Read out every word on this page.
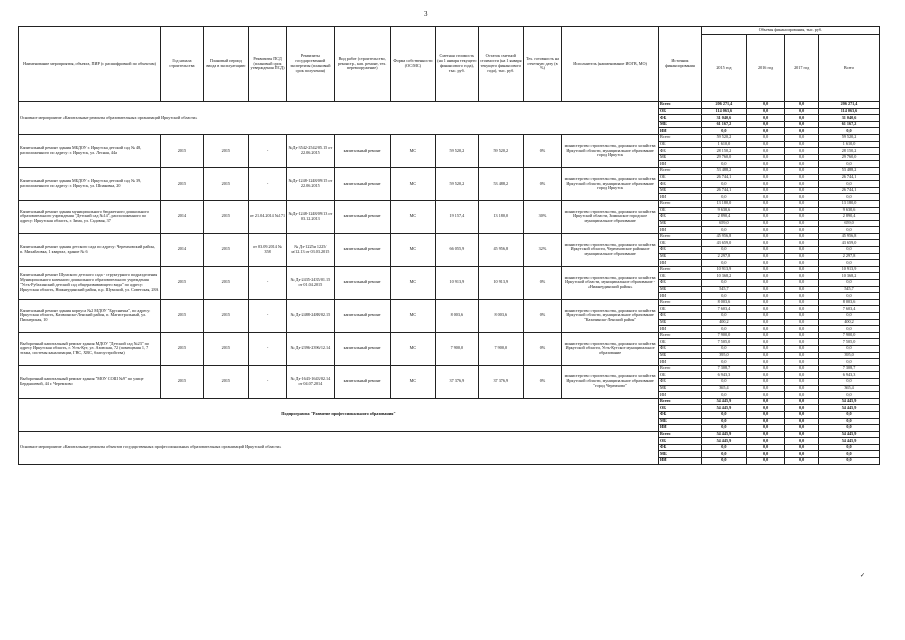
3
Наименование мероприятия, объекта, ПИР (с расшифровкой по объектам)	Год начала строительства	Плановый период ввода в эксплуатацию	Реквизиты ПСД (плановый срок утверждения ПСД)	Реквизиты государственной экспертизы (плановый срок получения)	Вид работ (строительство, реконстр., кап. ремонт, тех. перевооружение)	Форма собственности (ОС/МС)	Сметная стоимость (на 1 января текущего финансового года), тыс. руб.	Остаток сметной стоимости (на 1 января текущего финансового года), тыс. руб.	Тех. готовность на отчетную дату (в %)	Исполнитель (наименование ИОГВ, МО)	Источник финансирования	Объемы финансирования, тыс. руб.			
												2015 год	2016 год	2017 год	Всего
Основное мероприятие «Капитальные ремонты образовательных организаций Иркутской области»											Всего	206 271,4	0,0	0,0	206 271,4
											ОБ	114 063,6	0,0	0,0	114 063,6
											ФБ	31 040,6	0,0	0,0	31 040,6
											МБ	61 167,2	0,0	0,0	61 167,2
											ИИ	0,0	0,0	0,0	0,0
Капитальный ремонт здания МБДОУ г. Иркутска детский сад № 48, расположенного по адресу: г. Иркутск, ул. Лесная, 44а	2015	2015	-	№Дз-3542-2542/05.15 от 22.06.2015	капитальный ремонт	МС	59 520,2	59 520,2	0%	министерство строительства, дорожного хозяйства Иркутской области, муниципальное образование город Иркутск	Всего	59 520,2	0,0	0,0	59 520,2
											ОБ	1 610,0	0,0	0,0	1 610,0
											ФБ	28 150,2	0,0	0,0	28 150,2
											МБ	29 760,0	0,0	0,0	29 760,0
											ИИ	0,0	0,0	0,0	0,0
Капитальный ремонт здания МБДОУ г. Иркутска детский сад № 39, расположенного по адресу: г. Иркутск, ул. Шпаковка, 20	2015	2015	-	№Дз-1248-1248/09/15 от 22.06.2015	капитальный ремонт	МС	59 520,2	53 488,2	0%	министерство строительства, дорожного хозяйства Иркутской области, муниципальное образование город Иркутск	Всего	53 488,2	0,0	0,0	53 488,2
											ОБ	26 744,1	0,0	0,0	26 744,1
											ФБ	0,0	0,0	0,0	0,0
											МБ	26 744,1	0,0	0,0	26 744,1
											ИИ	0,0	0,0	0,0	0,0
Капитальный ремонт здания муниципального бюджетного дошкольного образовательного учреждения "Детский сад №14", расположенного по адресу: Иркутская область, г. Зима, ул. Садовая, 37	2014	2015	от 21.04.2014 №171	№Дз-1248-1248/09/13 от 03.12.2013	капитальный ремонт	МС	19 157,4	13 180,0	30%	министерство строительства, дорожного хозяйства Иркутской области, Зиминское городское муниципальное образование	Всего	13 180,0	0,0	0,0	13 180,0
											ОБ	9 630,6	0,0	0,0	9 630,6
											ФБ	2 890,4	0,0	0,0	2 890,4
											МБ	659,0	0,0	0,0	659,0
											ИИ	0,0	0,0	0,0	0,0
Капитальный ремонт здания детского сада по адресу: Черемховский район, п. Михайловка, 1 квартал, здание № 6	2014	2015	от 03.09.2014 № 358	№ Дз-1225и 1225/м/12.13 от 03.03.2015	капитальный ремонт	МС	66 055,9	45 956,8	32%	министерство строительства, дорожного хозяйства Иркутской области, Черемховское районное муниципальное образование	Всего	45 956,8	0,0	0,0	45 956,8
											ОБ	43 659,0	0,0	0,0	43 659,0
											ФБ	0,0	0,0	0,0	0,0
											МБ	2 297,8	0,0	0,0	2 297,8
											ИИ	0,0	0,0	0,0	0,0
Капитальный ремонт Шумского детского сада - структурного подразделения Муниципального казенного дошкольного образовательного учреждения "Усть-Рубахинский детский сад общеразвивающего вида" по адресу: Иркутская область, Нижнеудинский район, п.р. Шумский, ул. Советская, 28А	2015	2015	-	№ Дз-2435-2435/01.15 от 01.04.2015	капитальный ремонт	МС	10 913,9	10 913,9	0%	министерство строительства, дорожного хозяйства Иркутской области, муниципальное образование - «Нижнеудинский район»	Всего	10 913,9	0,0	0,0	10 913,9
											ОБ	10 368,2	0,0	0,0	10 368,2
											ФБ	0,0	0,0	0,0	0,0
											МБ	545,7	0,0	0,0	545,7
											ИИ	0,0	0,0	0,0	0,0
Капитальный ремонт здания корпуса №2 МДОУ "Брусничка", по адресу: Иркутская область, Казачинско-Ленский район, п. Магистральный, ул. Пионерская, 10	2015	2015	-	№ Дз-2488-2488/02.15	капитальный ремонт	МС	8 003,6	8 003,6	0%	министерство строительства, дорожного хозяйства Иркутской области, муниципальное образование "Казачинско-Ленский район"	Всего	8 003,6	0,0	0,0	8 003,6
											ОБ	7 603,4	0,0	0,0	7 603,4
											ФБ	0,0	0,0	0,0	0,0
											МБ	400,2	0,0	0,0	400,2
											ИИ	0,0	0,0	0,0	0,0
Выборочный капитальный ремонт здания МДОУ "Детский сад №23" по адресу Иркутская область, г. Усть-Кут, ул. Азовская, 72 (помещения 1, 7 этажа, системы канализации, ГВС, ХВС, благоустройства)	2015	2015	-	№ Дз-2396-2396/12.14	капитальный ремонт	МС	7 900,0	7 900,0	0%	министерство строительства, дорожного хозяйства Иркутской области, Усть-Кутское муниципальное образование	Всего	7 900,0	0,0	0,0	7 900,0
											ОБ	7 505,0	0,0	0,0	7 505,0
											ФБ	0,0	0,0	0,0	0,0
											МБ	395,0	0,0	0,0	395,0
											ИИ	0,0	0,0	0,0	0,0
Выборочный капитальный ремонт здания "МОУ СОШ №9" по улице Бердышевой, 44 г. Черемхово	2015	2015	-	№ Дз-1643-1643/02.14 от 04.07.2014	капитальный ремонт	МС	37 376,9	37 376,9	0%	министерство строительства, дорожного хозяйства Иркутской области, муниципальное образование "город Черемхово"	Всего	7 308,7	0,0	0,0	7 308,7
											ОБ	6 943,3	0,0	0,0	6 943,3
											ФБ	0,0	0,0	0,0	0,0
											МБ	365,4	0,0	0,0	365,4
											ИИ	0,0	0,0	0,0	0,0
Подпрограмма "Развитие профессионального образования"											Всего	54 445,9	0,0	0,0	54 445,9
											ОБ	54 445,9	0,0	0,0	54 445,9
											ФБ	0,0	0,0	0,0	0,0
											МБ	0,0	0,0	0,0	0,0
											ИИ	0,0	0,0	0,0	0,0
Основное мероприятие «Капитальные ремонты объектов государственных профессиональных образовательных организаций Иркутской области»											Всего	54 445,9	0,0	0,0	54 445,9
											ОБ	54 445,9	0,0	0,0	54 445,9
											ФБ	0,0	0,0	0,0	0,0
											МБ	0,0	0,0	0,0	0,0
											ИИ	0,0	0,0	0,0	0,0
✓
